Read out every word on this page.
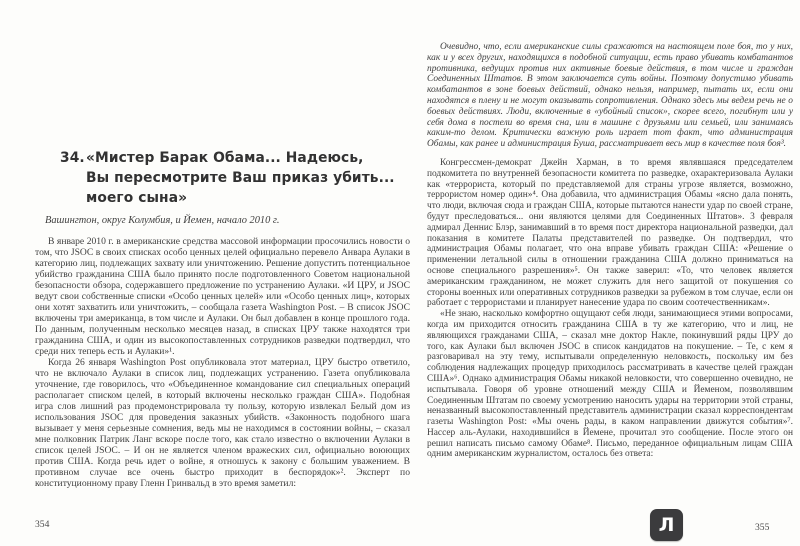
34. «Мистер Барак Обама... Надеюсь,
Вы пересмотрите Ваш приказ убить...
моего сына»

Вашингтон, округ Колумбия, и Йемен, начало 2010 г.

В январе 2010 г. в американские средства массовой информации просочились новости о том, что JSOC в своих списках особо ценных целей официально перевело Анвара Аулаки в категорию лиц, подлежащих захвату или уничтожению. Решение допустить потенциальное убийство гражданина США было принято после подготовленного Советом национальной безопасности обзора, содержавшего предложение по устранению Аулаки. «И ЦРУ, и JSOC ведут свои собственные списки «Особо ценных целей» или «Особо ценных лиц», которых они хотят захватить или уничтожить, – сообщала газета Washington Post. – В список JSOC включены три американца, в том числе и Аулаки. Он был добавлен в конце прошлого года. По данным, полученным несколько месяцев назад, в списках ЦРУ также находятся три гражданина США, и один из высокопоставленных сотрудников разведки подтвердил, что среди них теперь есть и Аулаки»¹.

Когда 26 января Washington Post опубликовала этот материал, ЦРУ быстро ответило, что не включало Аулаки в список лиц, подлежащих устранению. Газета опубликовала уточнение, где говорилось, что «Объединенное командование сил специальных операций располагает списком целей, в который включены несколько граждан США». Подобная игра слов лишний раз продемонстрировала ту пользу, которую извлекал Белый дом из использования JSOC для проведения заказных убийств. «Законность подобного шага вызывает у меня серьезные сомнения, ведь мы не находимся в состоянии войны, – сказал мне полковник Патрик Ланг вскоре после того, как стало известно о включении Аулаки в список целей JSOC. – И он не является членом вражеских сил, официально воюющих против США. Когда речь идет о войне, я отношусь к закону с большим уважением. В противном случае все очень быстро приходит в беспорядок»². Эксперт по конституционному праву Гленн Гринвальд в это время заметил:

Очевидно, что, если американские силы сражаются на настоящем поле боя, то у них, как и у всех других, находящихся в подобной ситуации, есть право убивать комбатантов противника, ведущих против них активные боевые действия, в том числе и граждан Соединенных Штатов. В этом заключается суть войны. Поэтому допустимо убивать комбатантов в зоне боевых действий, однако нельзя, например, пытать их, если они находятся в плену и не могут оказывать сопротивления. Однако здесь мы ведем речь не о боевых действиях. Люди, включенные в «убойный список», скорее всего, погибнут или у себя дома в постели во время сна, или в машине с друзьями или семьей, или занимаясь каким-то делом. Критически важную роль играет тот факт, что администрация Обамы, как ранее и администрация Буша, рассматривает весь мир в качестве поля боя³.

Конгрессмен-демократ Джейн Харман, в то время являвшаяся председателем подкомитета по внутренней безопасности комитета по разведке, охарактеризовала Аулаки как «террориста, который по представляемой для страны угрозе является, возможно, террористом номер один»⁴. Она добавила, что администрация Обамы «ясно дала понять, что люди, включая сюда и граждан США, которые пытаются нанести удар по своей стране, будут преследоваться... они являются целями для Соединенных Штатов». 3 февраля адмирал Деннис Блэр, занимавший в то время пост директора национальной разведки, дал показания в комитете Палаты представителей по разведке. Он подтвердил, что администрация Обамы полагает, что она вправе убивать граждан США: «Решение о применении летальной силы в отношении гражданина США должно приниматься на основе специального разрешения»⁵. Он также заверил: «То, что человек является американским гражданином, не может служить для него защитой от покушения со стороны военных или оперативных сотрудников разведки за рубежом в том случае, если он работает с террористами и планирует нанесение удара по своим соотечественникам».

«Не знаю, насколько комфортно ощущают себя люди, занимающиеся этими вопросами, когда им приходится относить гражданина США в ту же категорию, что и лиц, не являющихся гражданами США, – сказал мне доктор Накле, покинувший ряды ЦРУ до того, как Аулаки был включен JSOC в список кандидатов на покушение. – Те, с кем я разговаривал на эту тему, испытывали определенную неловкость, поскольку им без соблюдения надлежащих процедур приходилось рассматривать в качестве целей граждан США»⁶. Однако администрация Обамы никакой неловкости, что совершенно очевидно, не испытывала. Говоря об уровне отношений между США и Йеменом, позволявшим Соединенным Штатам по своему усмотрению наносить удары на территории этой страны, неназванный высокопоставленный представитель администрации сказал корреспондентам газеты Washington Post: «Мы очень рады, в каком направлении движутся события»⁷. Нассер аль-Аулаки, находившийся в Йемене, прочитал это сообщение. После этого он решил написать письмо самому Обаме⁸. Письмо, переданное официальным лицам США одним американским журналистом, осталось без ответа:

354	355
Л
